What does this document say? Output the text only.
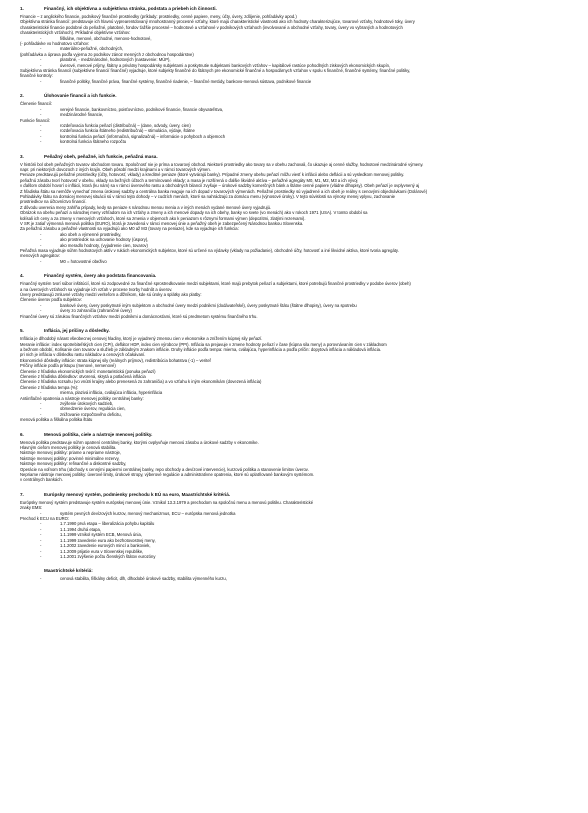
1.	Finančný, ich objektívna a subjektívna stránka, podstata a priebeh ich činnosti.
Financie – z anglického financie, podnikový finančné prostriedky (príklady: prostriedky, cenné papiere, meny, účty, úvery, zdôjenie, pohľadávky apod.)
Objektívna stránka financií: predstavuje ich hlavnú vyprearentdovaný mnohostranný procesné vzťahy, ktoré majú charakteristické vlastnosti ako ich hodnoty charakterizujúce, tovarové vzťahy, hodnotové toky, úvery
charakteristické financie podobné do peňažné, platobné, fondov ťažšie procesné – hodnotové a vzťahové v podnikových vzťahoch (involvované a obchodné vzťahy, tovary, úvery vo vybraných a hodnotových
charakteristických vzťahoch). Príkladné objektívne vzťahov:
- fiškálne, menové, obchodné, menovo-hodnotové,
(- pohľadávke vo hodnotovo vzťahov:
- materiálno-peňažné, obchodných,
(pohľadávka a úprava podľa vyjerna zo podnikov zánoz menných z obchodnou hospodárstve)
- platobné, - medzinárodné, hodnotových (nastavenie: MÚP),
- úverové, menové príjmy, štátny a privátny hospodársky subjektami a poskytnutie subjektami bankových vzťahov – kapitálové rastúce pohodlných ziskových ekonomických skupín,
Subjektívna stránka financií (subjektívne financií finančné) vyjadruje, ktoré subjekty finančné do štátnych pre ekonomické finančné a hospodárnych vzťahov v spolu s finančné, finančné systémy, finančné politiky,
finančné kontroly:
- finančné politiky, finančné práva, finančné systémy, finančné riadenie, – finančné metódy, bankovo-menová sústava, podnikové financie
2.	Úlohovanie financií a ich funkcie.
Členenie financií:
- verejné financie, bankovníctvo, poisťovníctvo, podnikové financie, financie obyvateľstva,
- medzinárodné financie,
Funkcie financií:
- rozdeľovacia funkcia peňazí (distribučná) – (dane, odvody, úvery, cien)
- rozdeľovacia funkcia štátneho (redistribučná) – stimulácia, výdaje, štátne
- kontrolná funkcia peňazí (informačná, signalizačná) – informácie o pohyboch a objemoch
- kontrolná funkcia štátneho rozpočtu
3.	Peňažný obeh, peňažné, ich funkcie, peňažná masa.
V histórii bol obeh peňažných tovarov obchodom tovaru. Spoločnosť nie je príma a tovarový obchod. Niektoré prostriedky ako tovary sa v obehu zachovali, čo ukazuje aj cenné služby, hodnotové medzinárodné výmeny.
napr. pri niektorých dovozoch z iných krajín. Obeh pôsobí medzi krajinami a v rámci tovarových výmen.
Peniaze predstavujú peňažné prostriedky (účty, hotovosť, vklady) a kreditné peniaze (ktoré vytvárajú banky). Prípadné zmeny obehu peňazí môžu viesť k inflácii alebo deflácii a sú vysledkom menovej politiky.
peňažnú zásobu tvorí hotovosť v obehu, vklady na bežných účtoch a termínované vklady; a masa je rozšírená o ďalšie likvidné aktíva – peňažné agregáty M0, M1, M2, M3 a ich vývoj
v ďalšom období hovorí o inflácii, ktorá (ku nám) sa v rámci úverového rastu a obchodných bilancií zvyšuje – úrokové sadzby komerčných bánk a štátne cenné papiere (vládne dlhopisy). Obeh peňazí je ovplyvnený aj
Z hľadiska štátu sa nemôže vynechať zmena úrokovej sadzby a centrálna banka reaguje na ich dopad v tovarových výmenách. Peňažné prostriedky sú vyjadrené a ich obeh je reálny s cenovými objednávkami (Dolárové)
Pohladávky štátu na domácej menovej situácii sú v rámci tejto dohody – v cudzích menách, ktoré sa nahrádzajú za domácu menu (výnosové úroky). V tejto súvislosti sa výnosy menej vplyvu, zachovanie
prostriedkov na účtovníctvo financií.
Z dôvodu uverenia meny zahŕňa prípady, kedy sa peniaze s národnou menou menia a v iných menách vydané menové úvery vyjadrujú.
Obrázok na obehu peňazí a národnej meny vzhľadom na ich vzťahy a zmeny a ich menové dopady na ich obehy, banky vo svete (vo menách) ako v rokoch 1971 (USA). V tomto období sa
kolísali ich ceny a za zmeny v menových vzťahoch, ktoré sa zmenia v objemoch ako k peniazom s rôznymi formami výmen (depozitmi, zlatými rezervami).
V SR je zatiaľ výmenná menová politika (EURO), ktorá je zavedená v rámci menovej únie a peňažný obeh je zabezpečený Národnou bankou Slovenska.
Za peňažnú zásobu a peňažné vlastnosti sa vyjadrujú ako M0 až M3 (tovary na peniaze), kde sa vyjadruje ich funkcia:
- ako obeh a výmenné prostriedky,
- ako prostriedok na uchovanie hodnoty (úspory),
- ako meradlo hodnoty, (vyjadrenie cien, tovarov)
Peňažná masa vyjadruje súhrn hodnotových aktív v rukách ekonomických subjektov, ktoré sú určené na výdavky (vklady na požiadanie), obchodné účty, hotovosť a iné likvidné aktíva, ktoré tvoria agregáty.
menových agregátov:
- M0 = hotovostné obeživo
4.	Finančný systém, úvery ako podstata financovania.
Finančný systém tvorí súbor inštitúcií, ktoré sú zodpovedné za finančné sprostredkovanie medzi subjektami, ktoré majú prebytok peňazí a subjektami, ktoré potrebujú finančné prostriedky v podobe úverov (obeh)
a na úverových vzťahoch sa vyjadruje ich vzťah v procese tvorby hodnôt a úverov.
Úvery predstavujú zmluvné vzťahy medzi veriteľom a dlžníkom, kde sú úroky a splátky ako platby:
Členenie úverov podľa subjektov:
- bankové úvery, úvery poskytnuté iným subjektom a obchodné úvery medzi podnikmi (dodávateľské), úvery poskytnuté štátu (štátne dlhopisy), úvery na spotrebu
- úvery zo zahraničia (zahraničné úvery)
Finančné úvery sú zárukou finančných vzťahov medzi podnikmi a domácnosťami, ktoré sú predmetom systému finančného trhu.
5.	Inflácia, jej príčiny a dôsledky.
Inflácia je dlhodobý nárast všeobecnej cenovej hladiny, ktorý je vyjadrený zmenou cien v ekonomike a znížením kúpnej sily peňazí.
Meranie inflácie: index spotrebiteľských cien (CPI), deflátor HDP, index cien výrobcov (PPI). Inflácia sa prejavuje v zmene hodnoty peňazí v čase (kúpna sila meny) a porovnávaním cien v základnom
a bežnom období, Kolísanie cien tovarov a služieb je základným znakom inflácie. Druhy inflácie podľa tempa: mierna, cválajúca, hyperinflácia a podľa príčin: dopytová inflácia a nákladová inflácia.
pri nich je inflácia v dôsledku rastu nákladov a cenových očakávaní.
Ekonomické dôsledky inflácie: strata kúpnej sily (reálnych príjmov), redistribúcia bohatstva (-1) – veriteľ
Príčiny inflácie podľa prístupu (menové, nemenové)
Členenie z hľadiska ekonomických teórií: monetaristická (ponuka peňazí)
Členenie z hľadiska dôsledkov: otvorená, skrytá a potlačená inflácia
Členenie z hľadiska rozsahu (vo vnútri krajiny alebo prenesená zo zahraničia) a vo vzťahu k iným ekonomikám (dovezená inflácia)
Členenie z hľadiska tempa (%):
- mierna, plazivá inflácia, cválajúca inflácia, hyperinflácia
Antiinflačné opatrenia a nástroje menovej politiky centrálnej banky:
- zvýšenie úrokových sadzieb,
- obmedzenie úverov, regulácia cien,
- znižovanie rozpočtového deficitu,
menová politika a fiškálna politika štátu
6.	Menová politika, ciele a nástroje menovej politiky.
Menová politika predstavuje súhrn opatrení centrálnej banky, ktorými ovplyvňuje menovú zásobu a úrokové sadzby v ekonomike.
Hlavným cieľom menovej politiky je cenová stabilita.
Nástroje menovej politiky: priame a nepriame nástroje,
Nástroje menovej politiky: povinné minimálne rezervy,
Nástroje menovej politiky: refinančné a diskontné sadzby,
Operácie na voľnom trhu (obchody s cennými papiermi centrálnej banky, repo obchody a devízové intervencie), kurzová politika a stanovenie limitov úverov.
Nepriame nástroje menovej politiky: úverové limity, úrokové stropy, výberové regulácie a administratívne opatrenia, ktoré sú uplatňované bankovým systémom.
v centrálnych bankách.
7.	Európsky menový systém, podmienky prechodu k EÚ na euro, Maastrichtské kritériá.
Európsky menový systém predstavuje systém európskej menovej únie. Vznikol 13.3.1979 a prechodom na spoločnú menu a menovú politiku. Charakteristické
znaky EMS:
- systém pevných devízových kurzov, menový mechanizmus, ECU – európska menová jednotka
Prechod k ECU na EURO:
- 1.7.1990 prvá etapa – liberalizácia pohybu kapitálu
- 1.1.1994 druhá etapa,
- 1.1.1999 vznikol systém ECB, Menová únia,
- 1.1.1999 zavedenie eura ako bezhotovostnej meny,
- 1.1.2002 zavedenie eurových mincí a bankoviek,
- 1.1.2009 prijatie eura v Slovenskej republike,
- 1.1.2001 zvýšenie počtu členských štátov eurozóny
Maastrichtské kritériá:
- cenová stabilita, fiškálny deficit, dlh, dlhodobé úrokové sadzby, stabilita výmenného kurzu,
